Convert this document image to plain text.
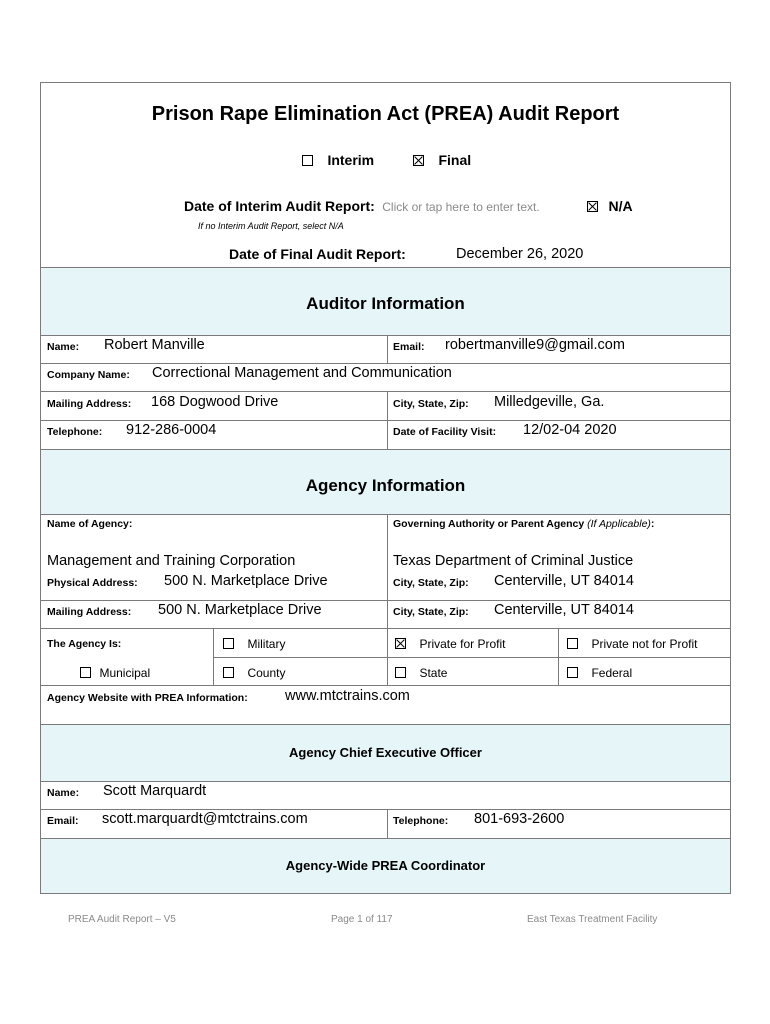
Prison Rape Elimination Act (PREA) Audit Report
Interim	Final
Date of Interim Audit Report: Click or tap here to enter text.	N/A
If no Interim Audit Report, select N/A
Date of Final Audit Report:	December 26, 2020
Auditor Information
Name: Robert Manville	Email: robertmanville9@gmail.com
Company Name: Correctional Management and Communication
Mailing Address: 168 Dogwood Drive	City, State, Zip: Milledgeville, Ga.
Telephone: 912-286-0004	Date of Facility Visit: 12/02-04 2020
Agency Information
Name of Agency:
Management and Training Corporation
Governing Authority or Parent Agency (If Applicable):
Texas Department of Criminal Justice
Physical Address: 500 N. Marketplace Drive	City, State, Zip: Centerville, UT 84014
Mailing Address: 500 N. Marketplace Drive	City, State, Zip: Centerville, UT 84014
The Agency Is:	Military	Private for Profit	Private not for Profit
Municipal	County	State	Federal
Agency Website with PREA Information:	www.mtctrains.com
Agency Chief Executive Officer
Name: Scott Marquardt
Email: scott.marquardt@mtctrains.com	Telephone: 801-693-2600
Agency-Wide PREA Coordinator
PREA Audit Report – V5	Page 1 of 117	East Texas Treatment Facility
